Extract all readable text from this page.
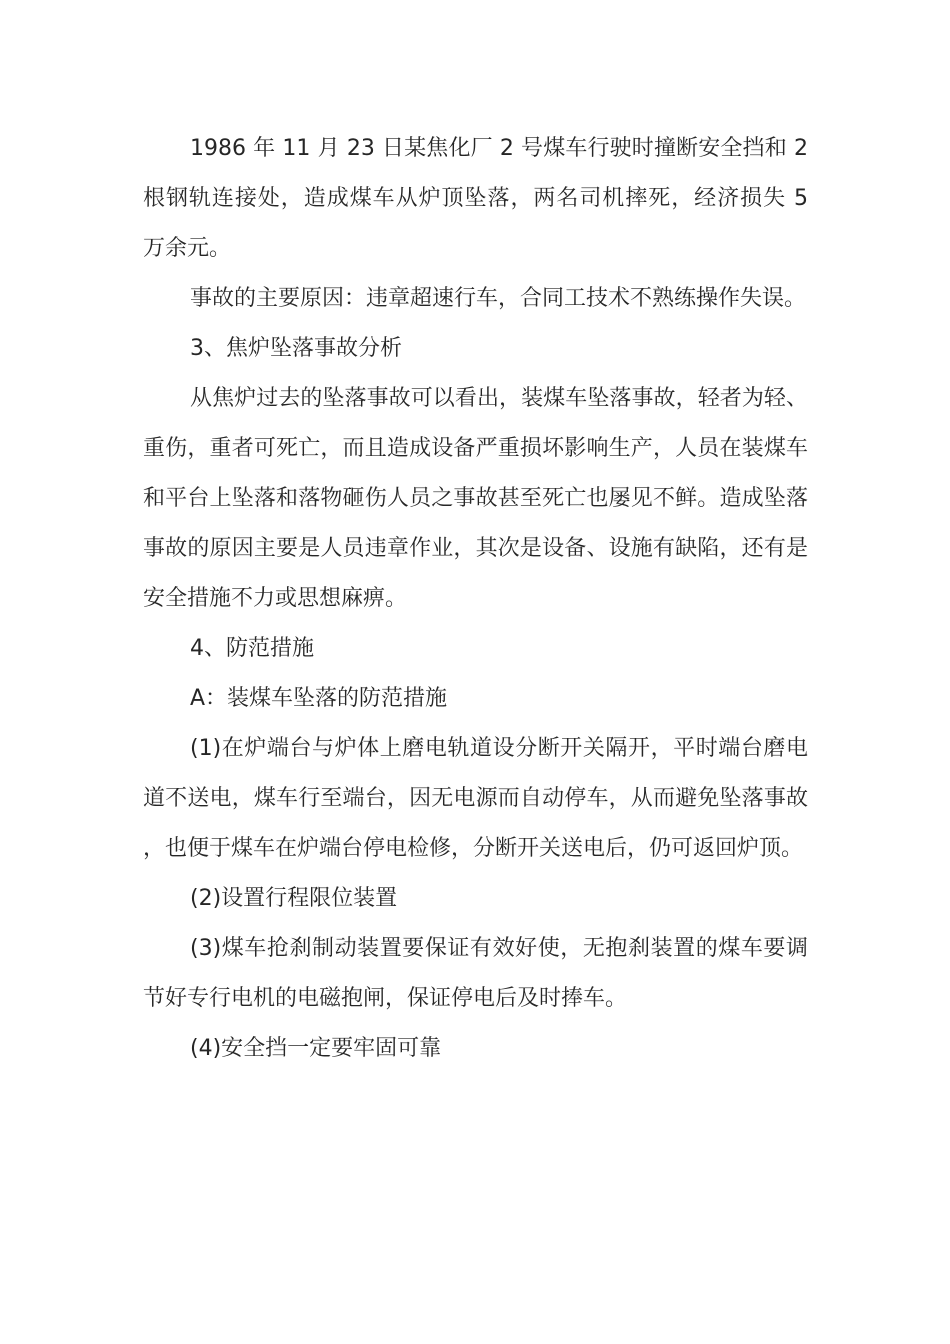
1986 年 11 月 23 日某焦化厂 2 号煤车行驶时撞断安全挡和 2 根钢轨连接处，造成煤车从炉顶坠落，两名司机摔死，经济损失 5 万余元。

事故的主要原因：违章超速行车，合同工技术不熟练操作失误。

3、焦炉坠落事故分析

从焦炉过去的坠落事故可以看出，装煤车坠落事故，轻者为轻、重伤，重者可死亡，而且造成设备严重损坏影响生产，人员在装煤车和平台上坠落和落物砸伤人员之事故甚至死亡也屡见不鲜。造成坠落事故的原因主要是人员违章作业，其次是设备、设施有缺陷，还有是安全措施不力或思想麻痹。

4、防范措施

A：装煤车坠落的防范措施

(1)在炉端台与炉体上磨电轨道设分断开关隔开，平时端台磨电道不送电，煤车行至端台，因无电源而自动停车，从而避免坠落事故，也便于煤车在炉端台停电检修，分断开关送电后，仍可返回炉顶。

(2)设置行程限位装置

(3)煤车抢刹制动装置要保证有效好使，无抱刹装置的煤车要调节好专行电机的电磁抱闸，保证停电后及时捧车。

(4)安全挡一定要牢固可靠
